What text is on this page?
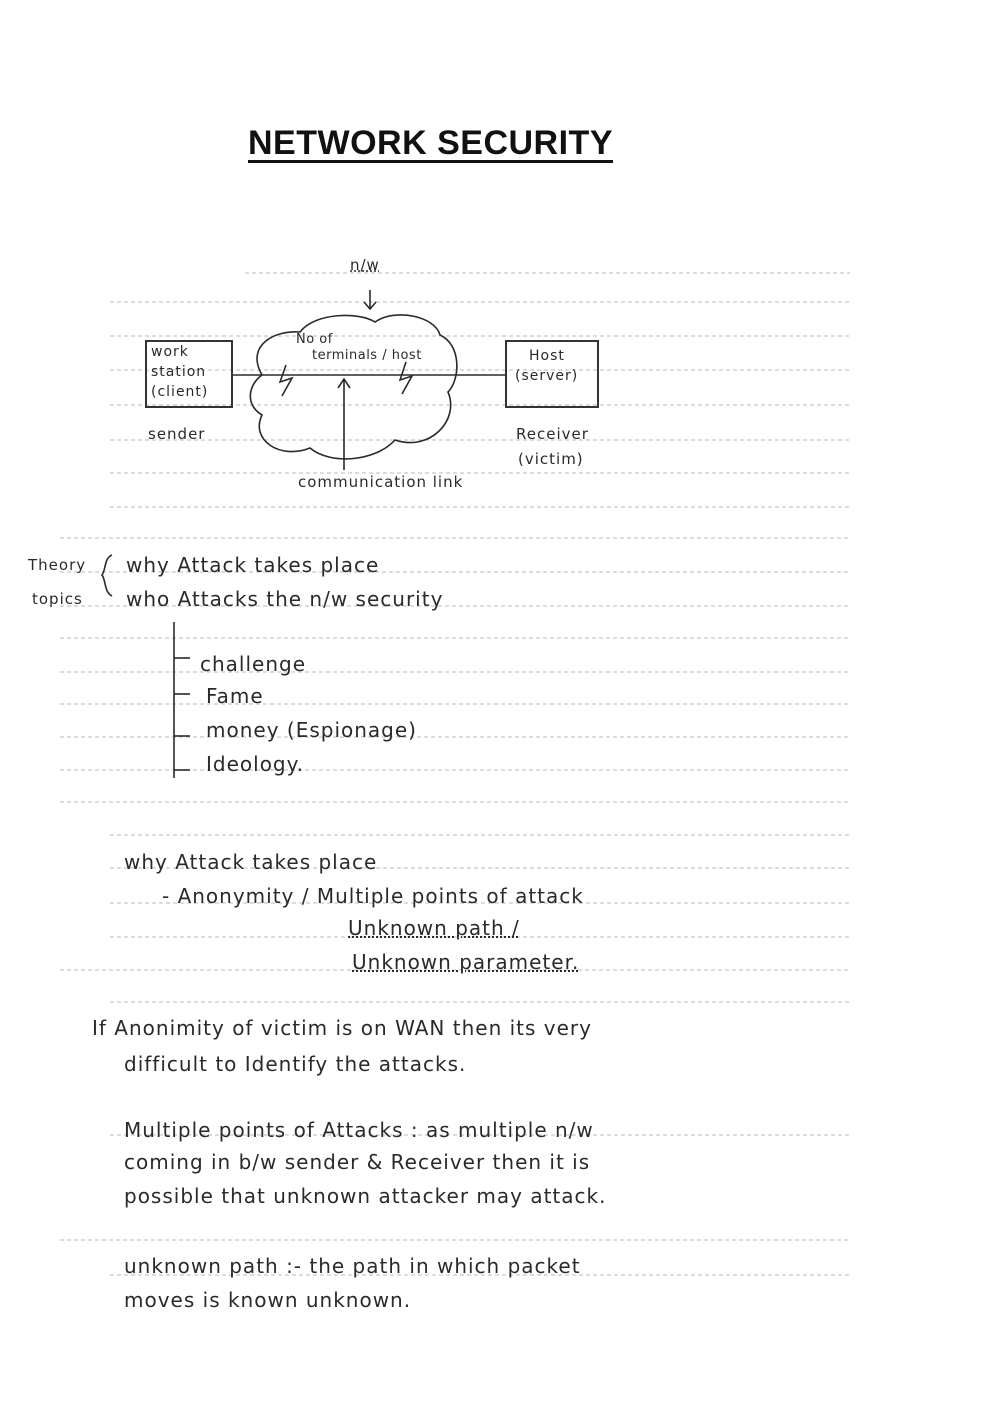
NETWORK SECURITY
n/w
work
station
(client)
No of
terminals / host	Host
(server)
sender	Receiver
(victim)
communication link
Theory
topics
why Attack takes place
who Attacks the n/w security
challenge
Fame
money (Espionage)
Ideology.
why Attack takes place
- Anonymity / Multiple points of attack
Unknown path /
Unknown parameter.
If Anonimity of victim is on WAN then its very
difficult to Identify the attacks.
Multiple points of Attacks : as multiple n/w
coming in b/w sender & Receiver then it is
possible that unknown attacker may attack.
unknown path :- the path in which packet
moves is known unknown.
